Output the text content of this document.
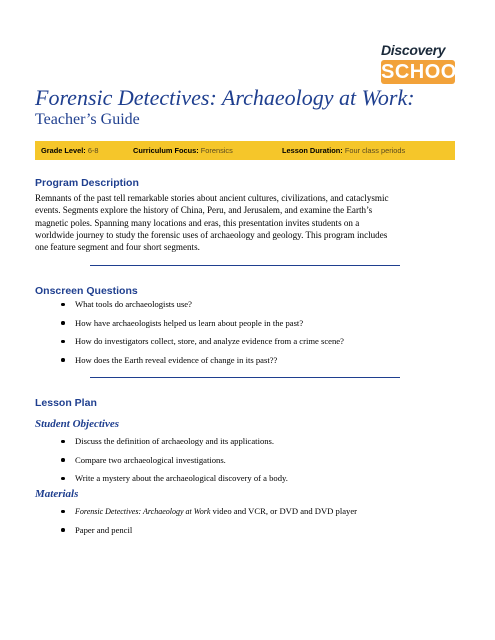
Discovery
SCHOOL
Forensic Detectives: Archaeology at Work:
Teacher’s Guide
Grade Level: 6-8	Curriculum Focus: Forensics	Lesson Duration: Four class periods
Program Description
Remnants of the past tell remarkable stories about ancient cultures, civilizations, and cataclysmic
events. Segments explore the history of China, Peru, and Jerusalem, and examine the Earth’s
magnetic poles. Spanning many locations and eras, this presentation invites students on a
worldwide journey to study the forensic uses of archaeology and geology. This program includes
one feature segment and four short segments.
Onscreen Questions
What tools do archaeologists use?
How have archaeologists helped us learn about people in the past?
How do investigators collect, store, and analyze evidence from a crime scene?
How does the Earth reveal evidence of change in its past??
Lesson Plan
Student Objectives
Discuss the definition of archaeology and its applications.
Compare two archaeological investigations.
Write a mystery about the archaeological discovery of a body.
Materials
Forensic Detectives: Archaeology at Work video and VCR, or DVD and DVD player
Paper and pencil
